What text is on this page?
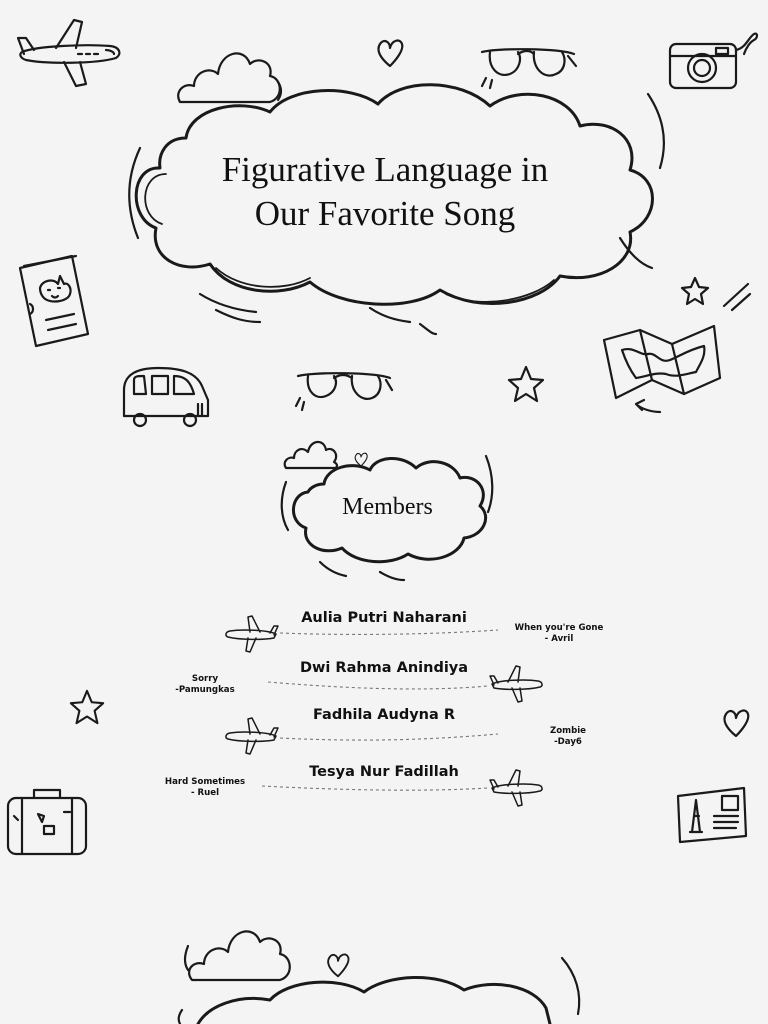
Figurative Language in
Our Favorite Song
Members
Aulia Putri Naharani
Dwi Rahma Anindiya
Fadhila Audyna R
Tesya Nur Fadillah
When you're Gone
- Avril
Sorry
-Pamungkas
Zombie
-Day6
Hard Sometimes
- Ruel
